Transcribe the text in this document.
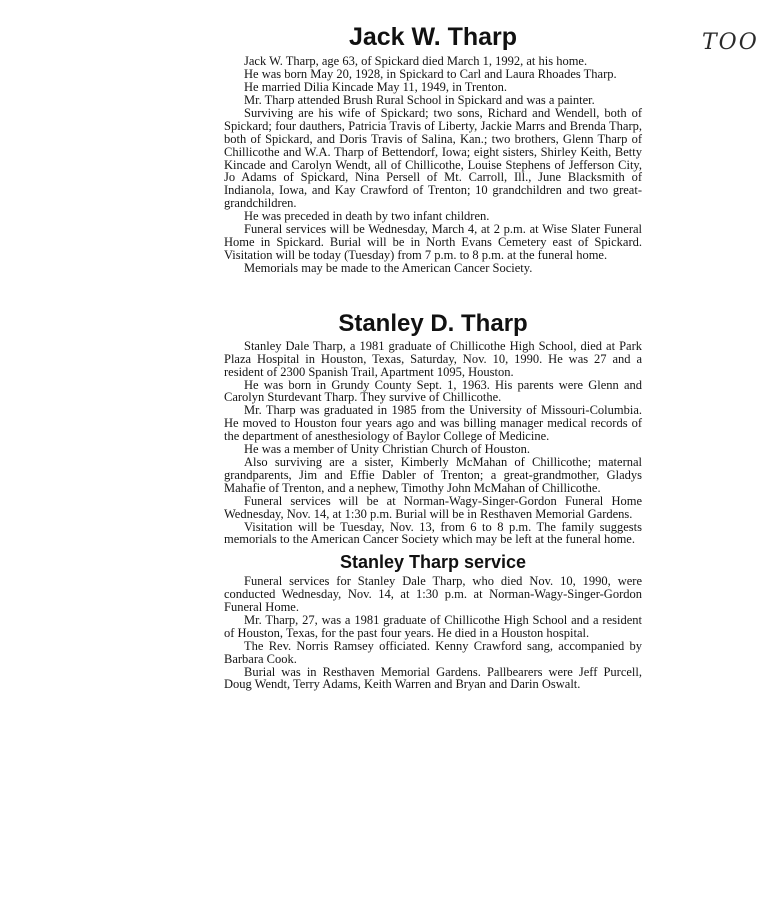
TOO
Jack W. Tharp

Jack W. Tharp, age 63, of Spickard died March 1, 1992, at his home.

He was born May 20, 1928, in Spickard to Carl and Laura Rhoades Tharp.

He married Dilia Kincade May 11, 1949, in Trenton.

Mr. Tharp attended Brush Rural School in Spickard and was a painter.

Surviving are his wife of Spickard; two sons, Richard and Wendell, both of Spickard; four dauthers, Patricia Travis of Liberty, Jackie Marrs and Brenda Tharp, both of Spickard, and Doris Travis of Salina, Kan.; two brothers, Glenn Tharp of Chillicothe and W.A. Tharp of Bettendorf, Iowa; eight sisters, Shirley Keith, Betty Kincade and Carolyn Wendt, all of Chillicothe, Louise Stephens of Jefferson City, Jo Adams of Spickard, Nina Persell of Mt. Carroll, Ill., June Blacksmith of Indianola, Iowa, and Kay Crawford of Trenton; 10 grandchildren and two great-grandchildren.

He was preceded in death by two infant children.

Funeral services will be Wednesday, March 4, at 2 p.m. at Wise Slater Funeral Home in Spickard. Burial will be in North Evans Cemetery east of Spickard. Visitation will be today (Tuesday) from 7 p.m. to 8 p.m. at the funeral home.

Memorials may be made to the American Cancer Society.

Stanley D. Tharp

Stanley Dale Tharp, a 1981 graduate of Chillicothe High School, died at Park Plaza Hospital in Houston, Texas, Saturday, Nov. 10, 1990. He was 27 and a resident of 2300 Spanish Trail, Apartment 1095, Houston.

He was born in Grundy County Sept. 1, 1963. His parents were Glenn and Carolyn Sturdevant Tharp. They survive of Chillicothe.

Mr. Tharp was graduated in 1985 from the University of Missouri-Columbia. He moved to Houston four years ago and was billing manager medical records of the department of anesthesiology of Baylor College of Medicine.

He was a member of Unity Christian Church of Houston.

Also surviving are a sister, Kimberly McMahan of Chillicothe; maternal grandparents, Jim and Effie Dabler of Trenton; a great-grandmother, Gladys Mahafie of Trenton, and a nephew, Timothy John McMahan of Chillicothe.

Funeral services will be at Norman-Wagy-Singer-Gordon Funeral Home Wednesday, Nov. 14, at 1:30 p.m. Burial will be in Resthaven Memorial Gardens.

Visitation will be Tuesday, Nov. 13, from 6 to 8 p.m. The family suggests memorials to the American Cancer Society which may be left at the funeral home.

Stanley Tharp service

Funeral services for Stanley Dale Tharp, who died Nov. 10, 1990, were conducted Wednesday, Nov. 14, at 1:30 p.m. at Norman-Wagy-Singer-Gordon Funeral Home.

Mr. Tharp, 27, was a 1981 graduate of Chillicothe High School and a resident of Houston, Texas, for the past four years. He died in a Houston hospital.

The Rev. Norris Ramsey officiated. Kenny Crawford sang, accompanied by Barbara Cook.

Burial was in Resthaven Memorial Gardens. Pallbearers were Jeff Purcell, Doug Wendt, Terry Adams, Keith Warren and Bryan and Darin Oswalt.
